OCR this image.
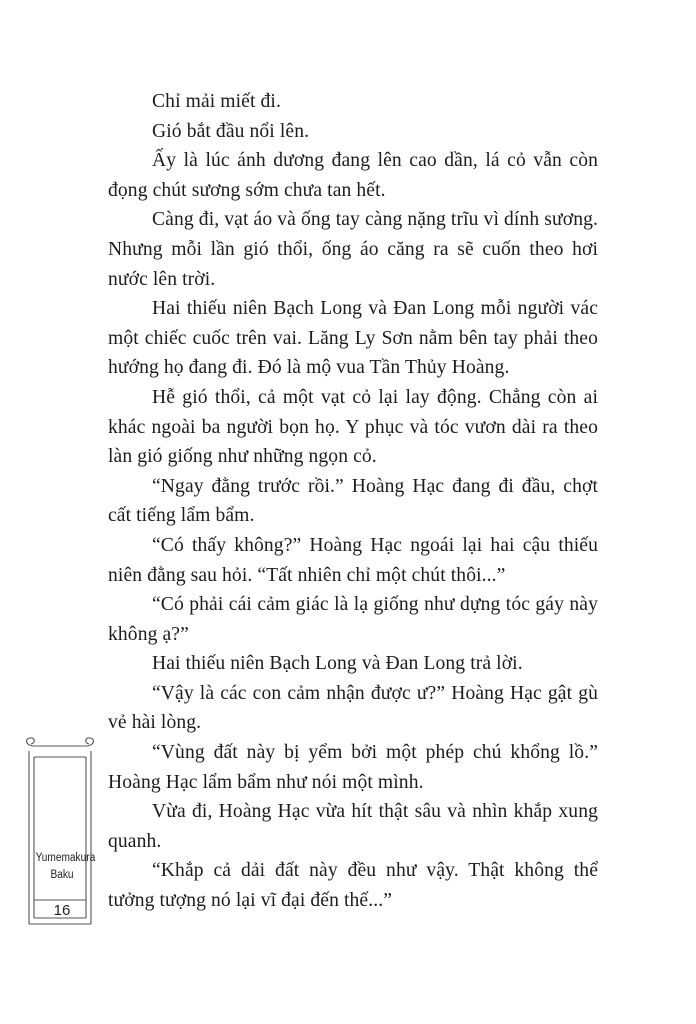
Chỉ mải miết đi.

Gió bắt đầu nổi lên.

Ấy là lúc ánh dương đang lên cao dần, lá cỏ vẫn còn đọng chút sương sớm chưa tan hết.

Càng đi, vạt áo và ống tay càng nặng trĩu vì dính sương. Nhưng mỗi lần gió thổi, ống áo căng ra sẽ cuốn theo hơi nước lên trời.

Hai thiếu niên Bạch Long và Đan Long mỗi người vác một chiếc cuốc trên vai. Lăng Ly Sơn nằm bên tay phải theo hướng họ đang đi. Đó là mộ vua Tần Thủy Hoàng.

Hễ gió thổi, cả một vạt cỏ lại lay động. Chẳng còn ai khác ngoài ba người bọn họ. Y phục và tóc vươn dài ra theo làn gió giống như những ngọn cỏ.

“Ngay đằng trước rồi.” Hoàng Hạc đang đi đầu, chợt cất tiếng lẩm bẩm.

“Có thấy không?” Hoàng Hạc ngoái lại hai cậu thiếu niên đằng sau hỏi. “Tất nhiên chỉ một chút thôi...”

“Có phải cái cảm giác là lạ giống như dựng tóc gáy này không ạ?”

Hai thiếu niên Bạch Long và Đan Long trả lời.

“Vậy là các con cảm nhận được ư?” Hoàng Hạc gật gù vẻ hài lòng.

“Vùng đất này bị yểm bởi một phép chú khổng lồ.” Hoàng Hạc lẩm bẩm như nói một mình.

Vừa đi, Hoàng Hạc vừa hít thật sâu và nhìn khắp xung quanh.

“Khắp cả dải đất này đều như vậy. Thật không thể tưởng tượng nó lại vĩ đại đến thế...”

Yumemakura
Baku
16
